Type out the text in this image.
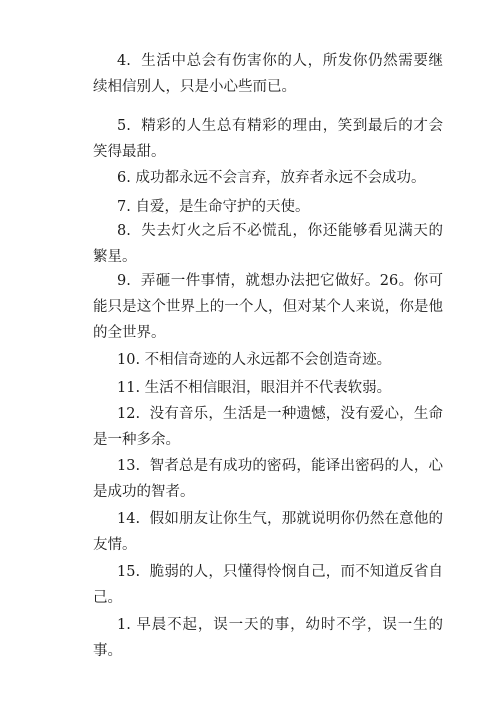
4. 生活中总会有伤害你的人，所发你仍然需要继续相信别人，只是小心些而已。

5. 精彩的人生总有精彩的理由，笑到最后的才会笑得最甜。

6. 成功都永远不会言弃，放弃者永远不会成功。

7. 自爱，是生命守护的天使。

8. 失去灯火之后不必慌乱，你还能够看见满天的繁星。

9. 弄砸一件事情，就想办法把它做好。26。你可能只是这个世界上的一个人，但对某个人来说，你是他的全世界。

10. 不相信奇迹的人永远都不会创造奇迹。

11. 生活不相信眼泪，眼泪并不代表软弱。

12. 没有音乐，生活是一种遗憾，没有爱心，生命是一种多余。

13. 智者总是有成功的密码，能译出密码的人，心是成功的智者。

14. 假如朋友让你生气，那就说明你仍然在意他的友情。

15. 脆弱的人，只懂得怜悯自己，而不知道反省自己。

1. 早晨不起，误一天的事，幼时不学，误一生的事。
